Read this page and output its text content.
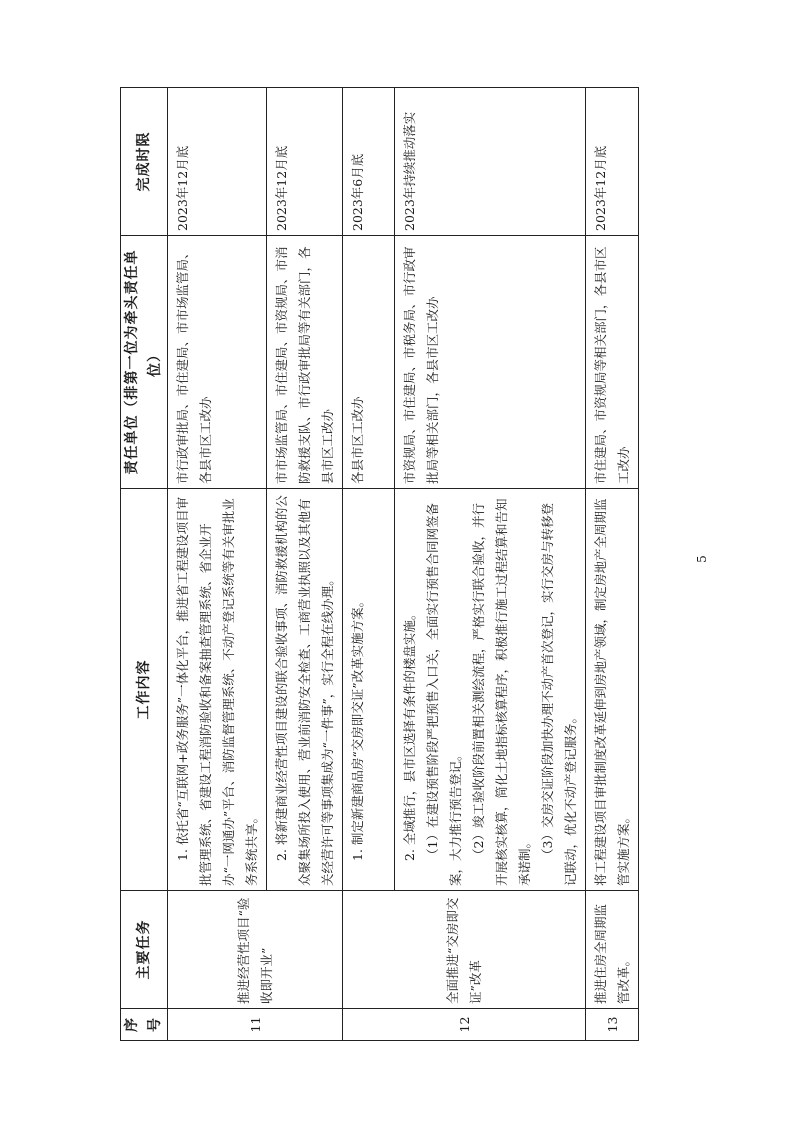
序号	主要任务	工作内容	责任单位（排第一位为牵头责任单位）	完成时限
11	推进经营性项目“验收即开业”	1. 依托省“互联网+政务服务”一体化平台，推进省工程建设项目审批管理系统、省建设工程消防验收和备案抽查管理系统、省企业开办“一网通办”平台、消防监督管理系统、不动产登记系统等有关审批业务系统共享。	市行政审批局、市住建局、市市场监管局、各县市区工改办	2023年12月底

		2. 将新建商业经营性项目建设的联合验收事项、消防救援机构的公众聚集场所投入使用、营业前消防安全检查、工商营业执照以及其他有关经营许可等事项集成为“一件事”，实行全程在线办理。	市市场监管局、市住建局、市资规局、市消防救援支队、市行政审批局等有关部门，各县市区工改办	2023年12月底
12	全面推进“交房即交证”改革	1. 制定新建商品房“交房即交证”改革实施方案。	各县市区工改办	2023年6月底

		2. 全域推行，县市区选择有条件的楼盘实施。 （1）在建设预售阶段严把预售入口关，全面实行预售合同网签备案，大力推行预告登记。 （2）竣工验收阶段前置相关测绘流程，严格实行联合验收，并行开展核实核算，简化土地指标核算程序，积极推行施工过程结算和告知承诺制。 （3）交房交证阶段加快办理不动产首次登记，实行交房与转移登记联动，优化不动产登记服务。	市资规局、市住建局、市税务局、市行政审批局等相关部门，各县市区工改办	2023年持续推动落实
13	推进住房全周期监管改革。	将工程建设项目审批制度改革延伸到房地产领域，制定房地产全周期监管实施方案。	市住建局、市资规局等相关部门，各县市区工改办	2023年12月底
5
